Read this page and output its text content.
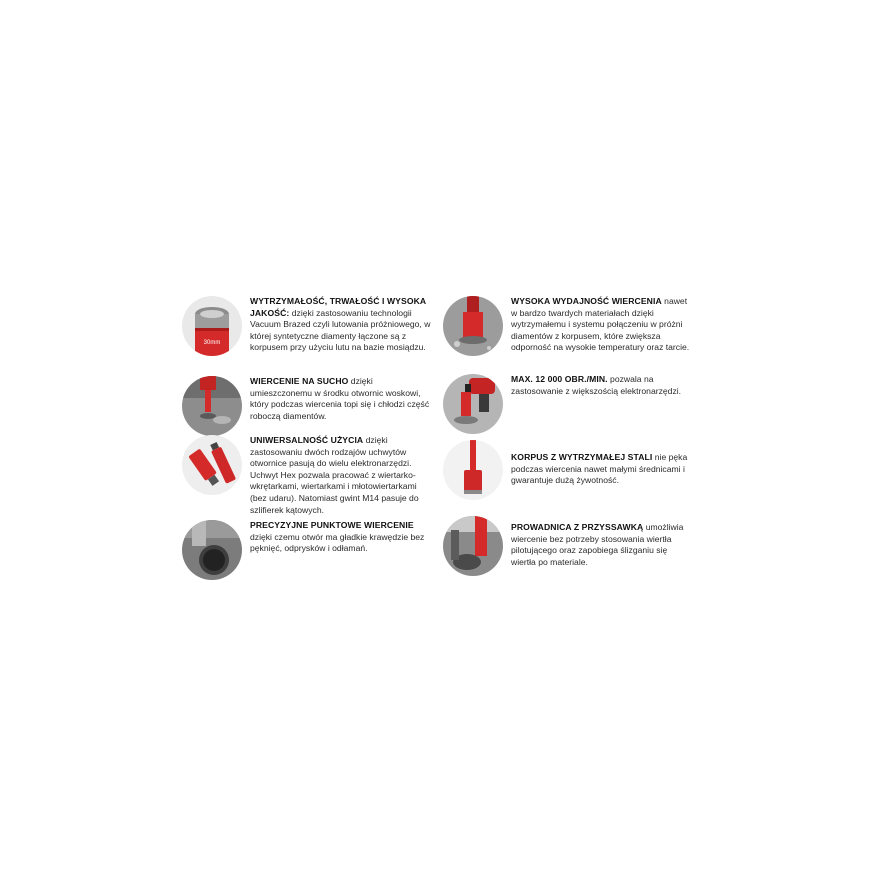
30mm
WYTRZYMAŁOŚĆ, TRWAŁOŚĆ I WYSOKA JAKOŚĆ: dzięki zastosowaniu technologii Vacuum Brazed czyli lutowania próżniowego, w której syntetyczne diamenty łączone są z korpusem przy użyciu lutu na bazie mosiądzu.
WIERCENIE NA SUCHO dzięki umieszczonemu w środku otwornic woskowi, który podczas wiercenia topi się i chłodzi część roboczą diamentów.
UNIWERSALNOŚĆ UŻYCIA dzięki zastosowaniu dwóch rodzajów uchwytów otwornice pasują do wielu elektronarzędzi. Uchwyt Hex pozwala pracować z wiertarko-wkrętarkami, wiertarkami i młotowiertarkami (bez udaru). Natomiast gwint M14 pasuje do szlifierek kątowych.
PRECYZYJNE PUNKTOWE WIERCENIE dzięki czemu otwór ma gładkie krawędzie bez pęknięć, odprysków i odłamań.
WYSOKA WYDAJNOŚĆ WIERCENIA nawet w bardzo twardych materiałach dzięki wytrzymałemu i systemu połączeniu w próżni diamentów z korpusem, które zwiększa odporność na wysokie temperatury oraz tarcie.
MAX. 12 000 OBR./MIN. pozwala na zastosowanie z większością elektronarzędzi.
KORPUS Z WYTRZYMAŁEJ STALI nie pęka podczas wiercenia nawet małymi średnicami i gwarantuje dużą żywotność.
PROWADNICA Z PRZYSSAWKĄ umożliwia wiercenie bez potrzeby stosowania wiertła pilotującego oraz zapobiega ślizganiu się wiertła po materiale.
